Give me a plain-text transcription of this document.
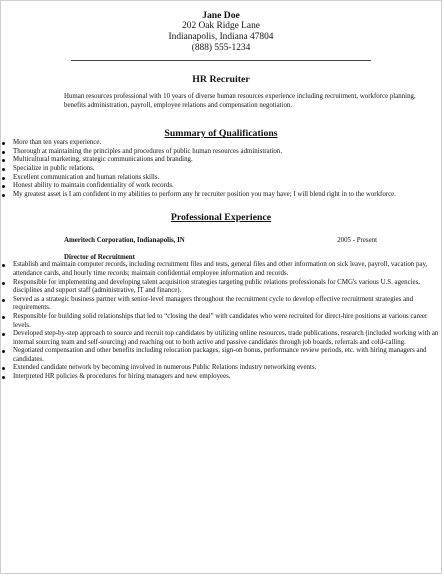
Jane Doe
202 Oak Ridge Lane
Indianapolis, Indiana 47804
(888) 555-1234
HR Recruiter
Human resources professional with 10 years of diverse human resources experience including recruitment, workforce planning, benefits administration, payroll, employee relations and compensation negotiation.
Summary of Qualifications
More than ten years experience.
Thorough at maintaining the principles and procedures of public human resources administration.
Multicultural marketing, strategic communications and branding.
Specialize in public relations.
Excellent communication and human relations skills.
Honest ability to maintain confidentiality of work records.
My greatest asset is I am confident in my abilities to perform any hr recruiter position you may have; I will blend right in to the workforce.
Professional Experience
Ameritech Corporation, Indianapolis, IN	2005 - Present
Director of Recruitment
Establish and maintain computer records, including recruitment files and tests, general files and other information on sick leave, payroll, vacation pay, attendance cards, and hourly time records; maintain confidential employee information and records.
Responsible for implementing and developing talent acquisition strategies targeting public relations professionals for CMG's various U.S. agencies, disciplines and support staff (administrative, IT and finance).
Served as a strategic business partner with senior-level managers throughout the recruitment cycle to develop effective recruitment strategies and requirements.
Responsible for building solid relationships that led to “closing the deal” with candidates who were recruited for direct-hire positions at various career levels.
Developed step-by-step approach to source and recruit top candidates by utilizing online resources, trade publications, research (included working with an internal sourcing team and self-sourcing) and reaching out to both active and passive candidates through job boards, referrals and cold-calling.
Negotiated compensation and other benefits including relocation packages, sign-on bonus, performance review periods, etc. with hiring managers and candidates.
Extended candidate network by becoming involved in numerous Public Relations industry networking events.
Interpreted HR policies & procedures for hiring managers and new employees.
